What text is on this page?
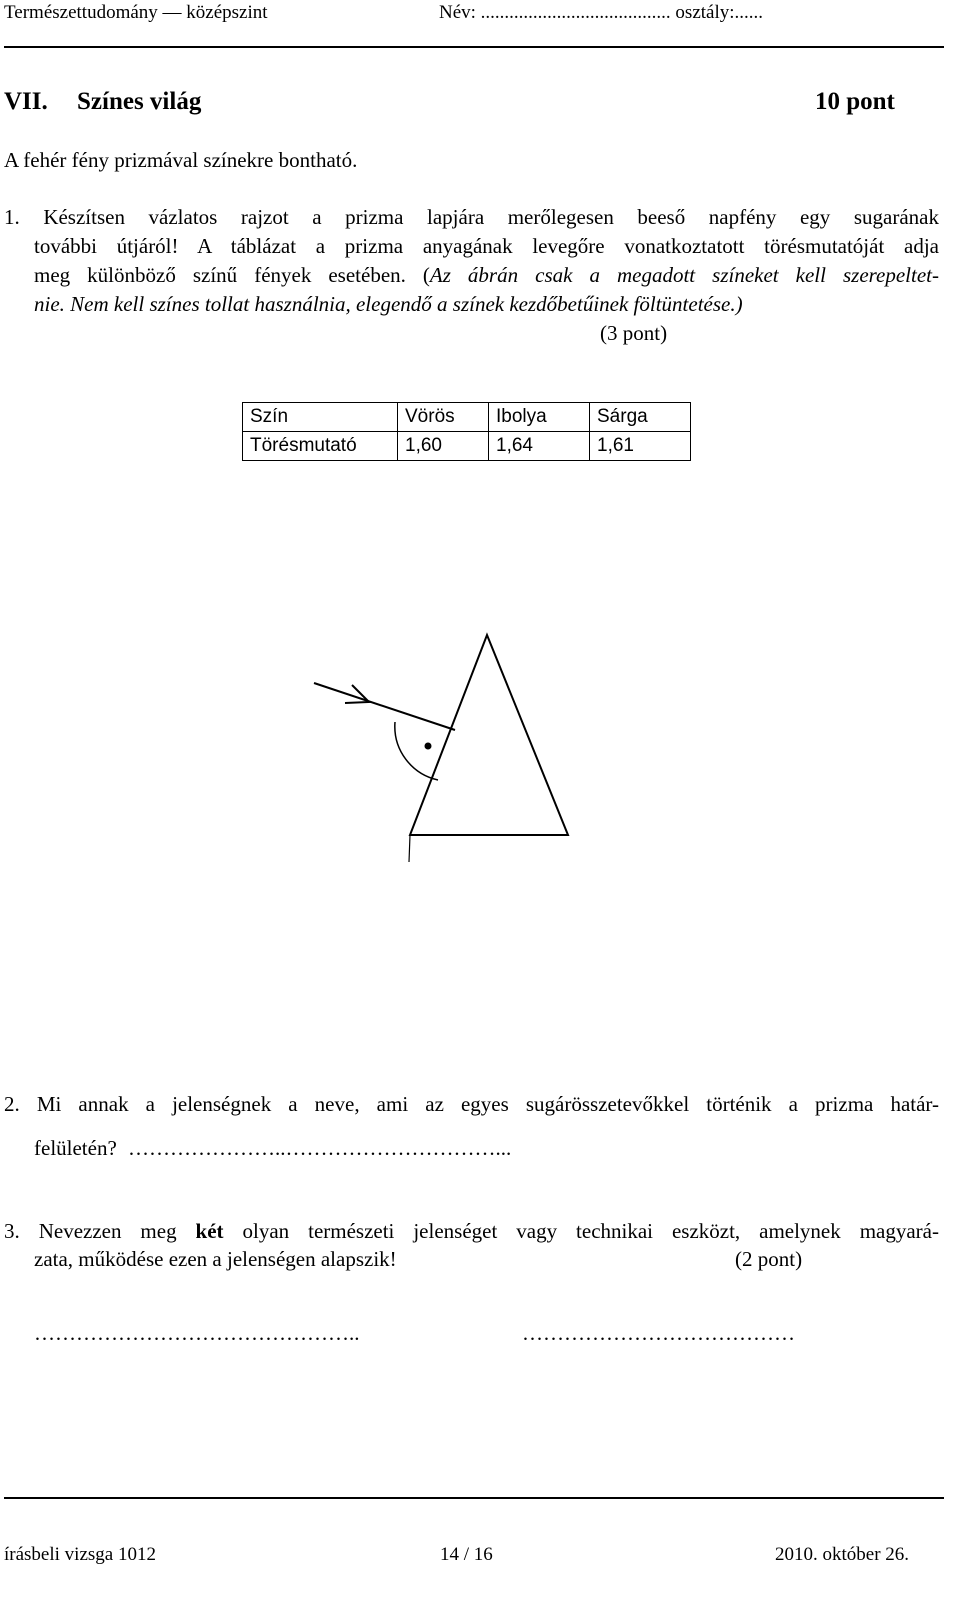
Természettudomány — középszint	Név: ........................................ osztály:......
VII. Színes világ	10 pont
A fehér fény prizmával színekre bontható.
1. Készítsen vázlatos rajzot a prizma lapjára merőlegesen beeső napfény egy sugarának
további útjáról! A táblázat a prizma anyagának levegőre vonatkoztatott törésmutatóját adja
meg különböző színű fények esetében. (Az ábrán csak a megadott színeket kell szerepeltet-
nie. Nem kell színes tollat használnia, elegendő a színek kezdőbetűinek föltüntetése.)
(3 pont)
Szín	Vörös	Ibolya	Sárga
Törésmutató	1,60	1,64	1,61
2. Mi annak a jelenségnek a neve, ami az egyes sugárösszetevőkkel történik a prizma határ-
felületén? …………………..…………………………...
3. Nevezzen meg két olyan természeti jelenséget vagy technikai eszközt, amelynek magyará-
zata, működése ezen a jelenségen alapszik!	(2 pont)
………………………………………..	…………………………………
írásbeli vizsga 1012	14 / 16	2010. október 26.
